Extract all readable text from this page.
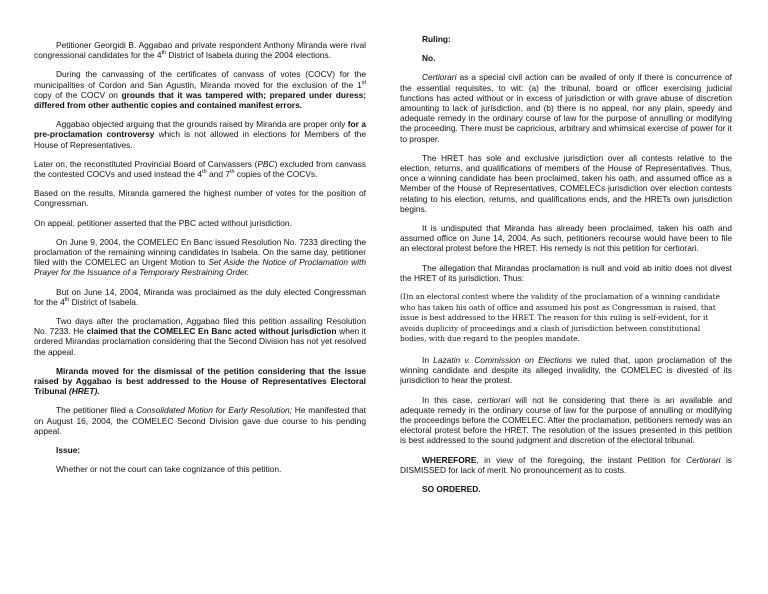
Petitioner Georgidi B. Aggabao and private respondent Anthony Miranda were rival congressional candidates for the 4th District of Isabela during the 2004 elections.

During the canvassing of the certificates of canvass of votes (COCV) for the municipalities of Cordon and San Agustin, Miranda moved for the exclusion of the 1st copy of the COCV on grounds that it was tampered with; prepared under duress; differed from other authentic copies and contained manifest errors.

Aggabao objected arguing that the grounds raised by Miranda are proper only for a pre-proclamation controversy which is not allowed in elections for Members of the House of Representatives.

Later on, the reconstituted Provincial Board of Canvassers (PBC) excluded from canvass the contested COCVs and used instead the 4th and 7th copies of the COCVs.

Based on the results, Miranda garnered the highest number of votes for the position of Congressman.

On appeal, petitioner asserted that the PBC acted without jurisdiction.

On June 9, 2004, the COMELEC En Banc issued Resolution No. 7233 directing the proclamation of the remaining winning candidates in Isabela. On the same day, petitioner filed with the COMELEC an Urgent Motion to Set Aside the Notice of Proclamation with Prayer for the Issuance of a Temporary Restraining Order.

But on June 14, 2004, Miranda was proclaimed as the duly elected Congressman for the 4th District of Isabela.

Two days after the proclamation, Aggabao filed this petition assailing Resolution No. 7233. He claimed that the COMELEC En Banc acted without jurisdiction when it ordered Mirandas proclamation considering that the Second Division has not yet resolved the appeal.

Miranda moved for the dismissal of the petition considering that the issue raised by Aggabao is best addressed to the House of Representatives Electoral Tribunal (HRET).

The petitioner filed a Consolidated Motion for Early Resolution; He manifested that on August 16, 2004, the COMELEC Second Division gave due course to his pending appeal.

Issue:

Whether or not the court can take cognizance of this petition.

Ruling:

No.

Certiorari as a special civil action can be availed of only if there is concurrence of the essential requisites, to wit: (a) the tribunal, board or officer exercising judicial functions has acted without or in excess of jurisdiction or with grave abuse of discretion amounting to lack of jurisdiction, and (b) there is no appeal, nor any plain, speedy and adequate remedy in the ordinary course of law for the purpose of annulling or modifying the proceeding. There must be capricious, arbitrary and whimsical exercise of power for it to prosper.

The HRET has sole and exclusive jurisdiction over all contests relative to the election, returns, and qualifications of members of the House of Representatives. Thus, once a winning candidate has been proclaimed, taken his oath, and assumed office as a Member of the House of Representatives, COMELECs jurisdiction over election contests relating to his election, returns, and qualifications ends, and the HRETs own jurisdiction begins.

It is undisputed that Miranda has already been proclaimed, taken his oath and assumed office on June 14, 2004. As such, petitioners recourse would have been to file an electoral protest before the HRET. His remedy is not this petition for certiorari.

The allegation that Mirandas proclamation is null and void ab initio does not divest the HRET of its jurisdiction. Thus:

(I)n an electoral contest where the validity of the proclamation of a winning candidate who has taken his oath of office and assumed his post as Congressman is raised, that issue is best addressed to the HRET. The reason for this ruling is self-evident, for it avoids duplicity of proceedings and a clash of jurisdiction between constitutional bodies, with due regard to the peoples mandate.

In Lazatin v. Commission on Elections we ruled that, upon proclamation of the winning candidate and despite its alleged invalidity, the COMELEC is divested of its jurisdiction to hear the protest.

In this case, certiorari will not lie considering that there is an available and adequate remedy in the ordinary course of law for the purpose of annulling or modifying the proceedings before the COMELEC. After the proclamation, petitioners remedy was an electoral protest before the HRET. The resolution of the issues presented in this petition is best addressed to the sound judgment and discretion of the electoral tribunal.

WHEREFORE, in view of the foregoing, the instant Petition for Certiorari is DISMISSED for lack of merit. No pronouncement as to costs.

SO ORDERED.
